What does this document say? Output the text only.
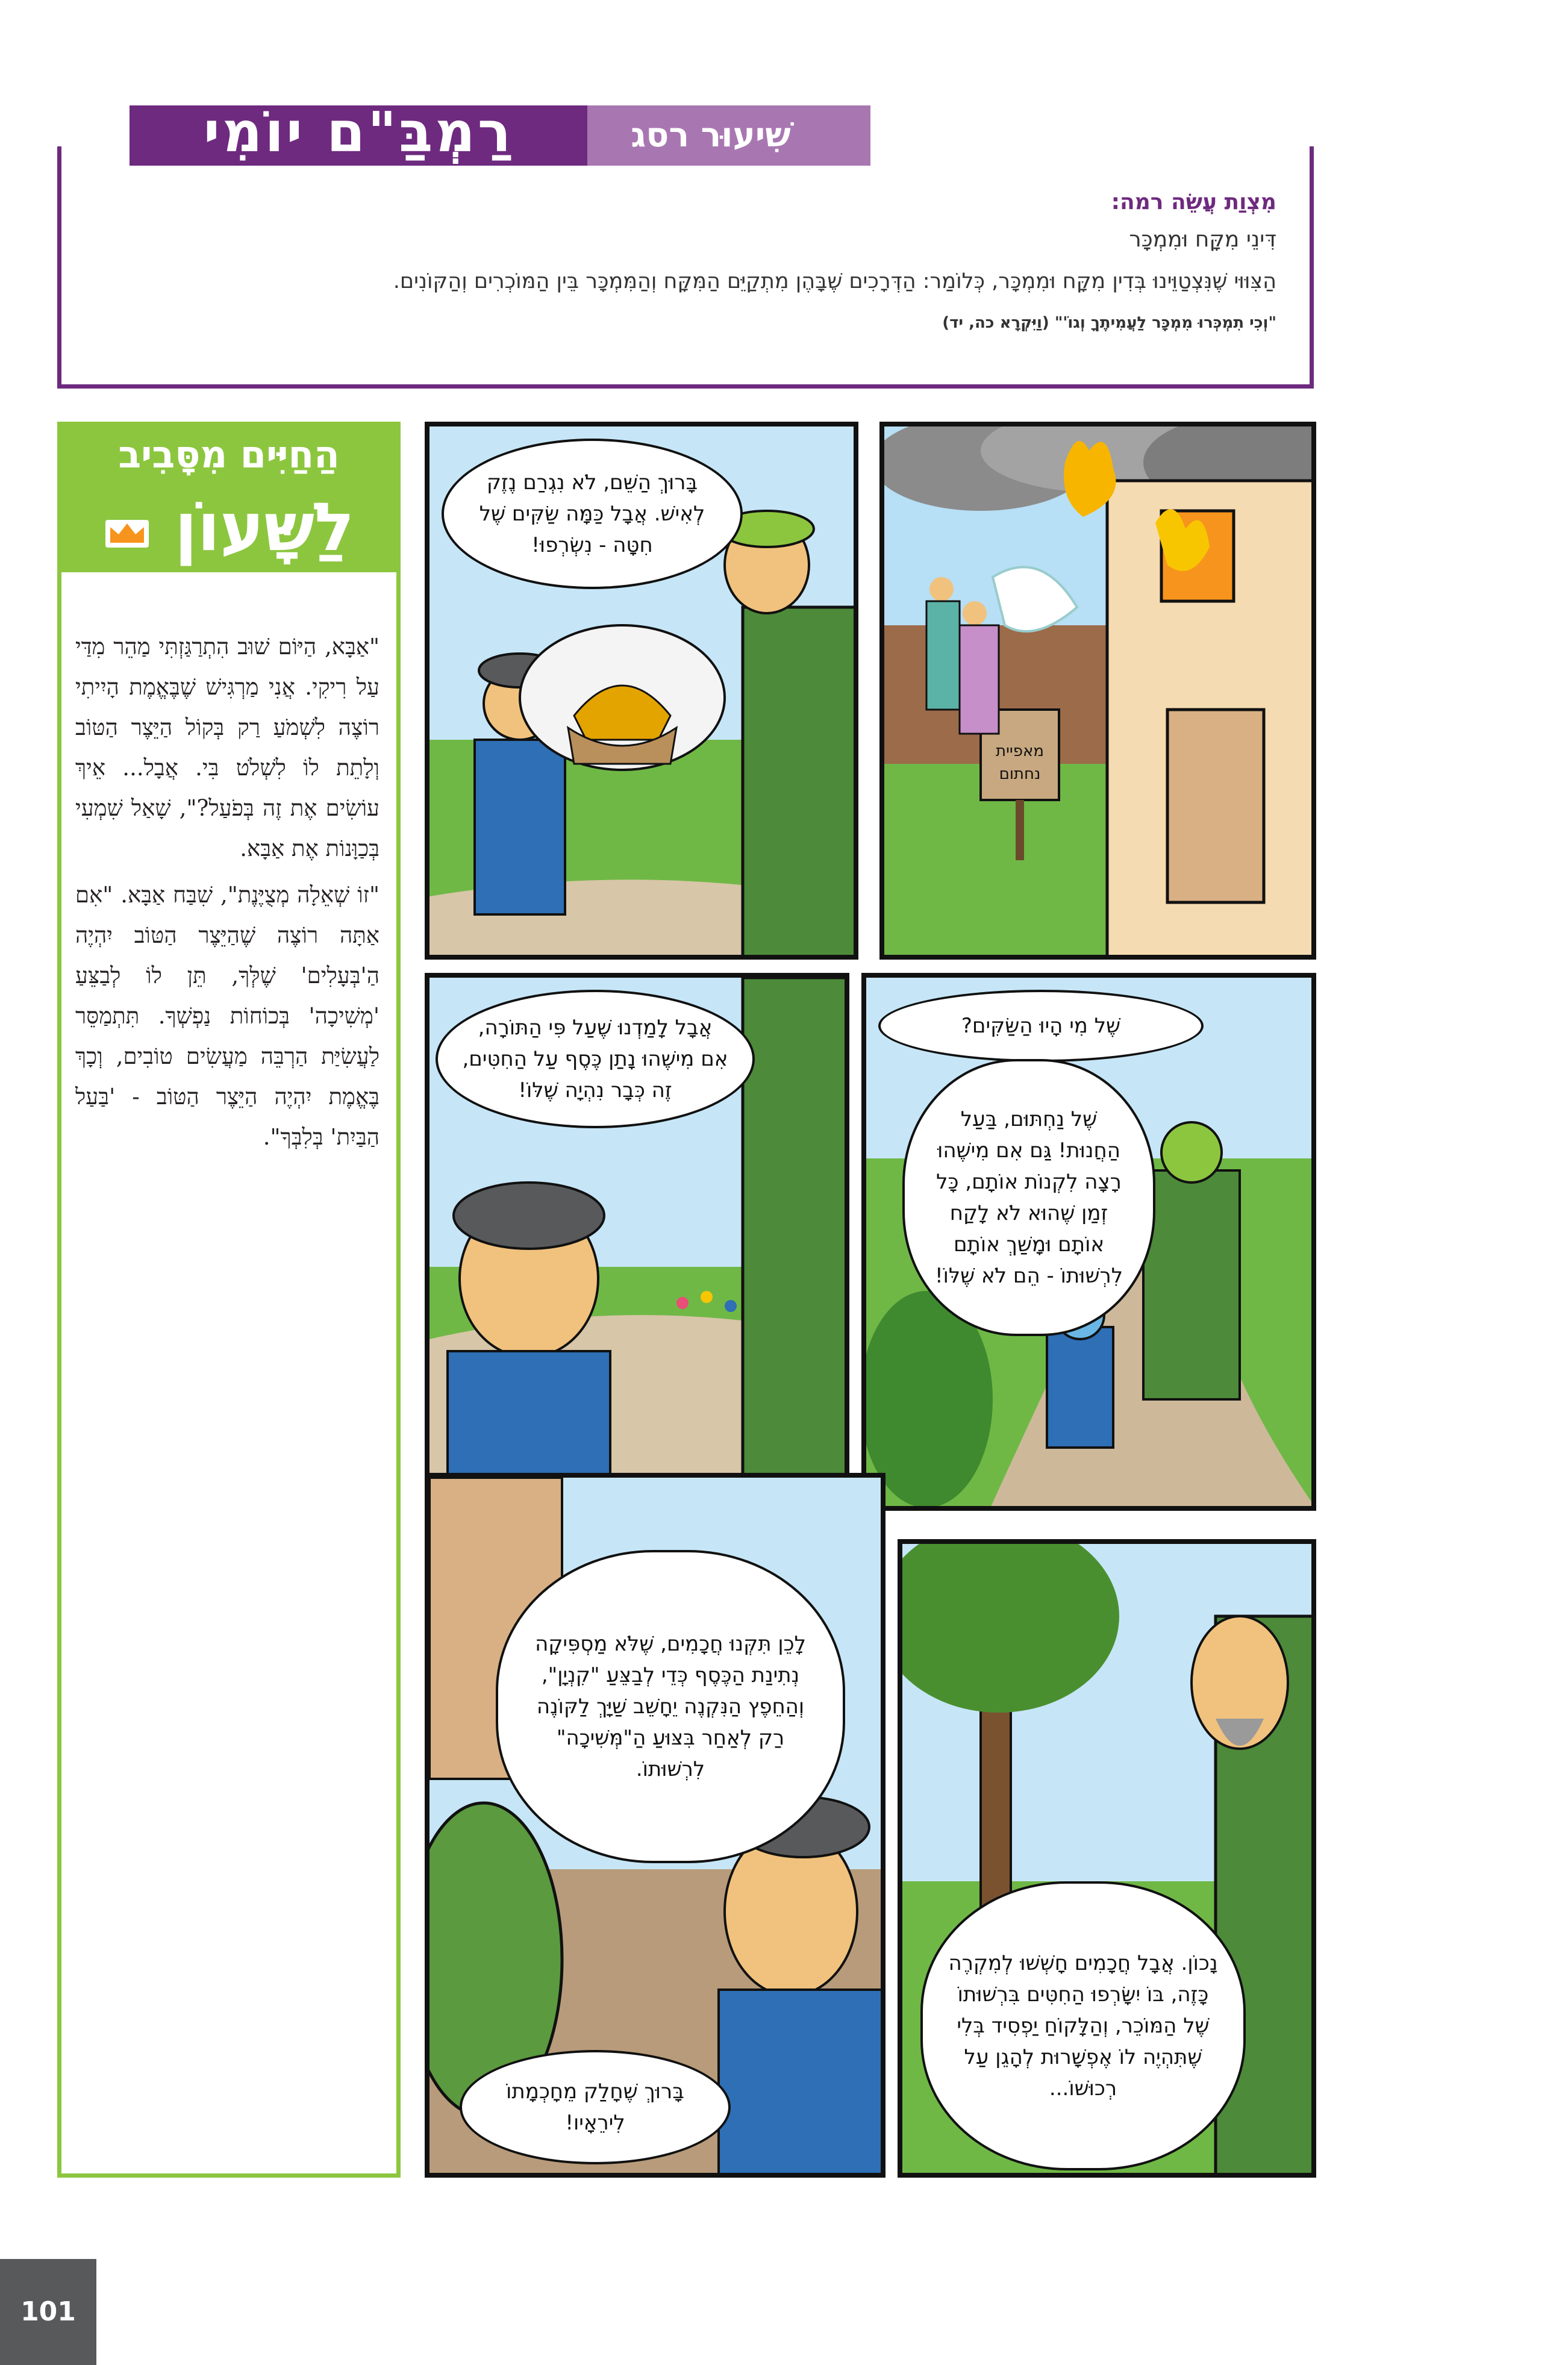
שִׁיעוּר רסג
רַמְבַּ"ם יוֹמִי
מִצְוַת עֲשֵׂה רמה:
דִּינֵי מִקָּח וּמִמְכָּר
הַצִּוּוּי שֶׁנִּצְטַוֵּינוּ בְּדִין מִקָּח וּמִמְכָּר, כְּלוֹמַר: הַדְּרָכִים שֶׁבָּהֶן מִתְקַיֵּם הַמִּקָּח וְהַמִּמְכָּר בֵּין הַמּוֹכְרִים וְהַקּוֹנִים.
"וְכִי תִמְכְּרוּ מִמְכָּר לַעֲמִיתֶךָ וְגוֹ'" (וַיִּקְרָא כה, יד)
הַחַיִּים מִסָּבִיב
לַשָּׁעוֹן

"אַבָּא, הַיּוֹם שׁוּב הִתְרַגַּזְתִּי מַהֵר מִדַּי עַל רִיקִי. אֲנִי מַרְגִּישׁ שֶׁבֶּאֱמֶת הָיִיתִי רוֹצֶה לִשְׁמֹעַ רַק בְּקוֹל הַיֵּצֶר הַטּוֹב וְלָתֵת לוֹ לִשְׁלֹט בִּי. אֲבָל... אֵיךְ עוֹשִׂים אֶת זֶה בְּפֹעַל?", שָׁאַל שִׁמְעִי בְּכַוָּנוֹת אֶת אַבָּא.

"זוֹ שְׁאֵלָה מְצֻיֶּנֶת", שִׁבַּח אַבָּא. "אִם אַתָּה רוֹצֶה שֶׁהַיֵּצֶר הַטּוֹב יִהְיֶה הַ'בְּעָלִים' שֶׁלְּךָ, תֵּן לוֹ לְבַצֵּעַ 'מְשִׁיכָה' בְּכוֹחוֹת נַפְשְׁךָ. תִּתְמַסֵּר לַעֲשִׂיַּת הַרְבֵּה מַעֲשִׂים טוֹבִים, וְכָךְ בֶּאֱמֶת יִהְיֶה הַיֵּצֶר הַטּוֹב - 'בַּעַל הַבַּיִת' בְּלִבְּךָ".

מאפיית נחתום
בָּרוּךְ הַשֵּׁם, לֹא נִגְרַם נֶזֶק לְאִישׁ. אֲבָל כַּמָּה שַׂקִּים שֶׁל חִטָּה - נִשְׂרְפוּ!
שֶׁל מִי הָיוּ הַשַּׂקִּים?
שֶׁל נַחְתּוּם, בַּעַל הַחֲנוּת! גַּם אִם מִישֶׁהוּ רָצָה לִקְנוֹת אוֹתָם, כָּל זְמַן שֶׁהוּא לֹא לָקַח אוֹתָם וּמָשַׁךְ אוֹתָם לִרְשׁוּתוֹ - הֵם לֹא שֶׁלּוֹ!
אֲבָל לָמַדְנוּ שֶׁעַל פִּי הַתּוֹרָה, אִם מִישֶׁהוּ נָתַן כֶּסֶף עַל הַחִטִּים, זֶה כְּבָר נִהְיָה שֶׁלּוֹ!
נָכוֹן. אֲבָל חֲכָמִים חָשְׁשׁוּ לְמִקְרֶה כָּזֶה, בּוֹ יִשָּׂרְפוּ הַחִטִּים בִּרְשׁוּתוֹ שֶׁל הַמּוֹכֵר, וְהַלָּקוֹחַ יַפְסִיד בְּלִי שֶׁתִּהְיֶה לוֹ אֶפְשָׁרוּת לְהָגֵן עַל רְכוּשׁוֹ...
לָכֵן תִּקְּנוּ חֲכָמִים, שֶׁלֹּא מַסְפִּיקָה נְתִינַת הַכֶּסֶף כְּדֵי לְבַצֵּעַ "קִנְיָן", וְהַחֵפֶץ הַנִּקְנֶה יֵחָשֵׁב שַׁיָּךְ לַקּוֹנֶה רַק לְאַחַר בִּצּוּעַ הַ"מְּשִׁיכָה" לִרְשׁוּתוֹ.
בָּרוּךְ שֶׁחָלַק מֵחָכְמָתוֹ לִירֵאָיו!
101
